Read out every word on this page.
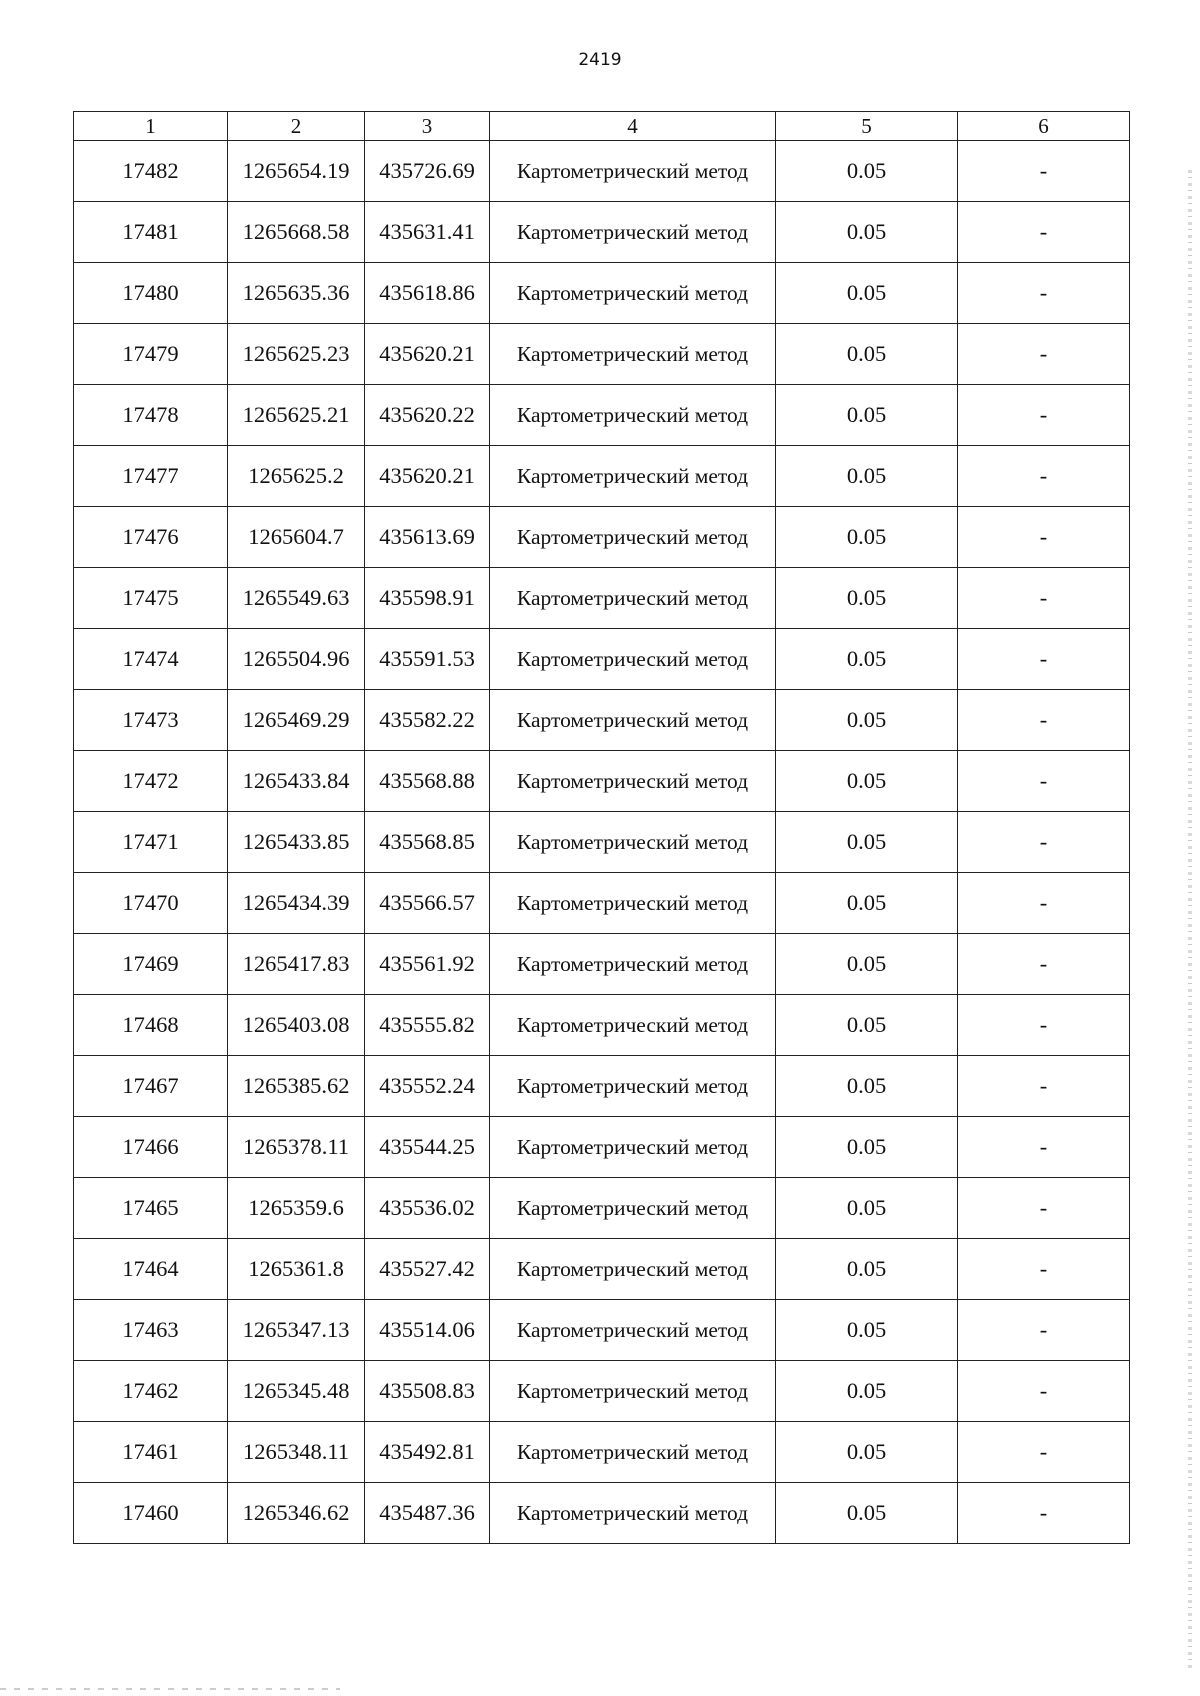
2419
1	2	3	4	5	6
17482	1265654.19	435726.69	Картометрический метод	0.05	-
17481	1265668.58	435631.41	Картометрический метод	0.05	-
17480	1265635.36	435618.86	Картометрический метод	0.05	-
17479	1265625.23	435620.21	Картометрический метод	0.05	-
17478	1265625.21	435620.22	Картометрический метод	0.05	-
17477	1265625.2	435620.21	Картометрический метод	0.05	-
17476	1265604.7	435613.69	Картометрический метод	0.05	-
17475	1265549.63	435598.91	Картометрический метод	0.05	-
17474	1265504.96	435591.53	Картометрический метод	0.05	-
17473	1265469.29	435582.22	Картометрический метод	0.05	-
17472	1265433.84	435568.88	Картометрический метод	0.05	-
17471	1265433.85	435568.85	Картометрический метод	0.05	-
17470	1265434.39	435566.57	Картометрический метод	0.05	-
17469	1265417.83	435561.92	Картометрический метод	0.05	-
17468	1265403.08	435555.82	Картометрический метод	0.05	-
17467	1265385.62	435552.24	Картометрический метод	0.05	-
17466	1265378.11	435544.25	Картометрический метод	0.05	-
17465	1265359.6	435536.02	Картометрический метод	0.05	-
17464	1265361.8	435527.42	Картометрический метод	0.05	-
17463	1265347.13	435514.06	Картометрический метод	0.05	-
17462	1265345.48	435508.83	Картометрический метод	0.05	-
17461	1265348.11	435492.81	Картометрический метод	0.05	-
17460	1265346.62	435487.36	Картометрический метод	0.05	-
